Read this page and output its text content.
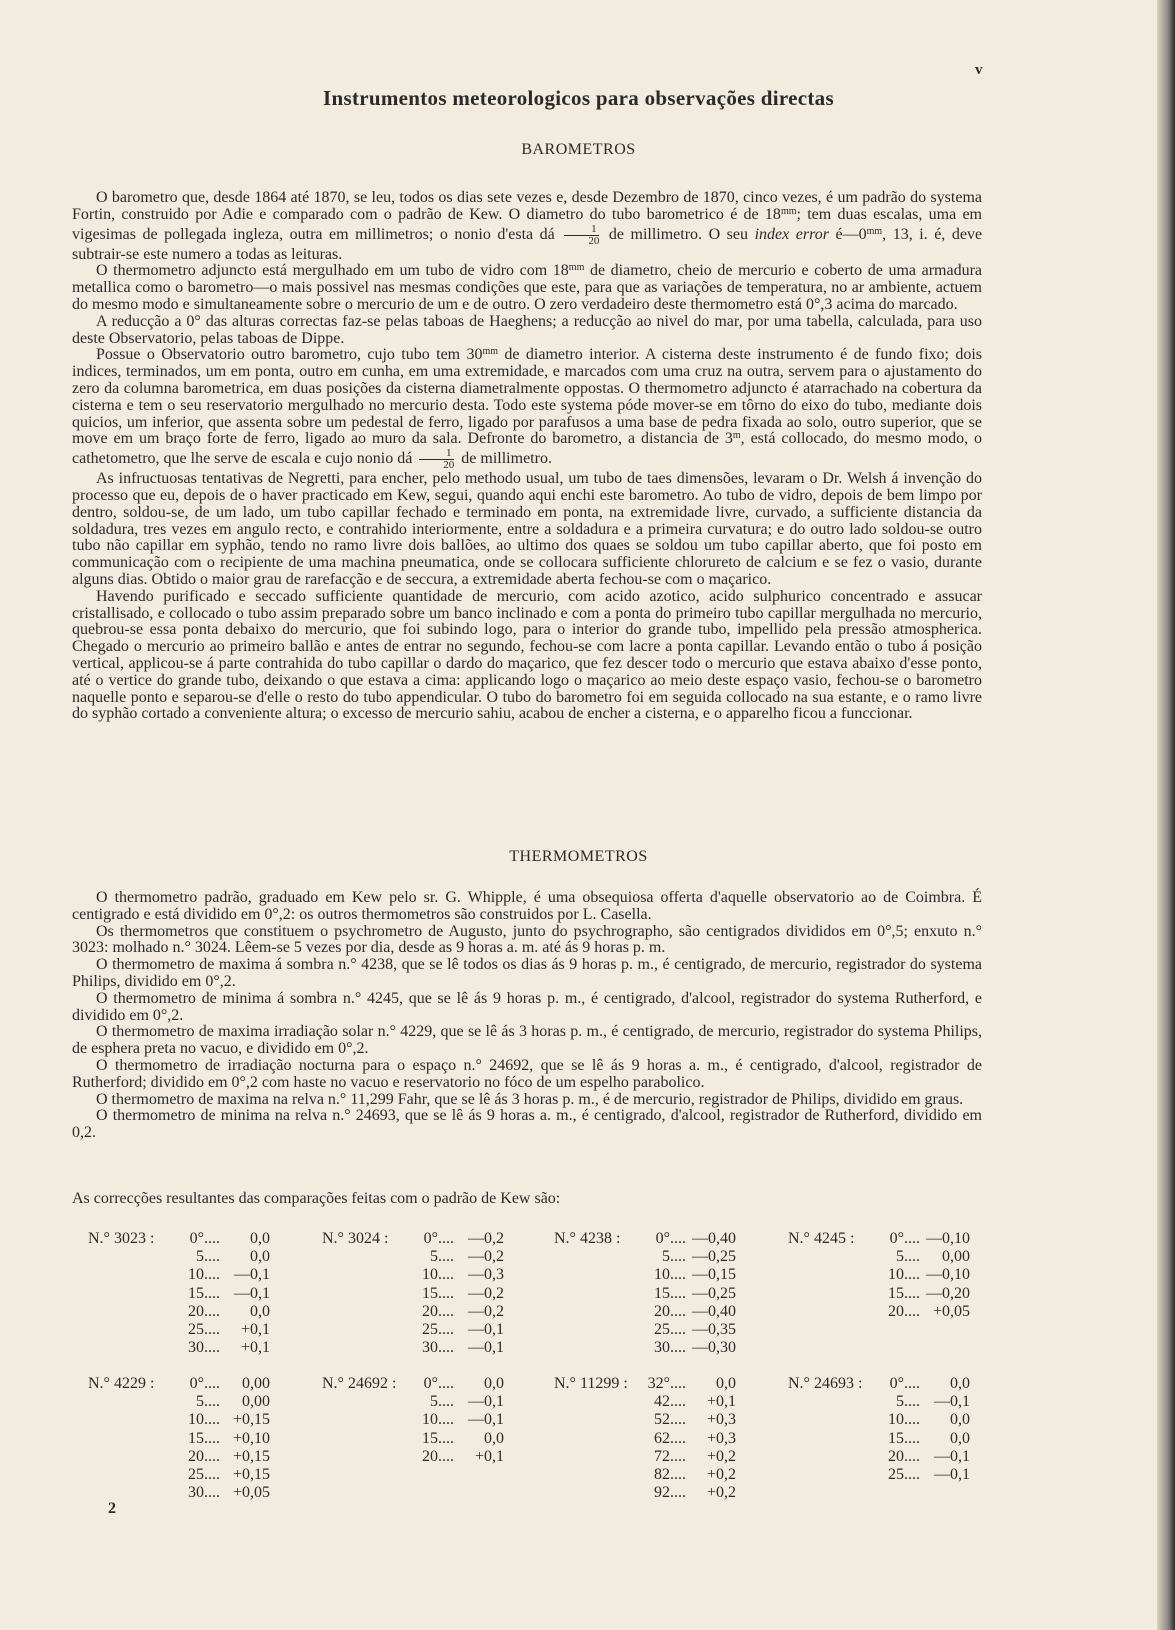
v
Instrumentos meteorologicos para observações directas
BAROMETROS

O barometro que, desde 1864 até 1870, se leu, todos os dias sete vezes e, desde Dezembro de 1870, cinco vezes, é um padrão do systema Fortin, construido por Adie e comparado com o padrão de Kew. O diametro do tubo barometrico é de $18^{mm}$; tem duas escalas, uma em vigesimas de pollegada ingleza, outra em millimetros; o nonio d'esta dá $\frac{1}{20}$ de millimetro. O seu index error $é—0^{mm}$, 13, i. é, deve subtrair-se este numero a todas as leituras.

O thermometro adjuncto está mergulhado em um tubo de vidro com $18^{mm}$ de diametro, cheio de mercurio e coberto de uma armadura metallica como o barometro—o mais possivel nas mesmas condições que este, para que as variações de temperatura, no ar ambiente, actuem do mesmo modo e simultaneamente sobre o mercurio de um e de outro. O zero verdadeiro deste thermometro está 0°,3 acima do marcado.

A reducção a 0° das alturas correctas faz-se pelas taboas de Haeghens; a reducção ao nivel do mar, por uma tabella, calculada, para uso deste Observatorio, pelas taboas de Dippe.

Possue o Observatorio outro barometro, cujo tubo tem $30^{mm}$ de diametro interior. A cisterna deste instrumento é de fundo fixo; dois indices, terminados, um em ponta, outro em cunha, em uma extremidade, e marcados com uma cruz na outra, servem para o ajustamento do zero da columna barometrica, em duas posições da cisterna diametralmente oppostas. O thermometro adjuncto é atarrachado na cobertura da cisterna e tem o seu reservatorio mergulhado no mercurio desta. Todo este systema póde mover-se em tôrno do eixo do tubo, mediante dois quicios, um inferior, que assenta sobre um pedestal de ferro, ligado por parafusos a uma base de pedra fixada ao solo, outro superior, que se move em um braço forte de ferro, ligado ao muro da sala. Defronte do barometro, a distancia de 3$^m$, está collocado, do mesmo modo, o cathetometro, que lhe serve de escala e cujo nonio dá $\frac{1}{20}$ de millimetro.

As infructuosas tentativas de Negretti, para encher, pelo methodo usual, um tubo de taes dimensões, levaram o Dr. Welsh á invenção do processo que eu, depois de o haver practicado em Kew, segui, quando aqui enchi este barometro. Ao tubo de vidro, depois de bem limpo por dentro, soldou-se, de um lado, um tubo capillar fechado e terminado em ponta, na extremidade livre, curvado, a sufficiente distancia da soldadura, tres vezes em angulo recto, e contrahido interiormente, entre a soldadura e a primeira curvatura; e do outro lado soldou-se outro tubo não capillar em syphão, tendo no ramo livre dois ballões, ao ultimo dos quaes se soldou um tubo capillar aberto, que foi posto em communicação com o recipiente de uma machina pneumatica, onde se collocara sufficiente chlorureto de calcium e se fez o vasio, durante alguns dias. Obtido o maior grau de rarefacção e de seccura, a extremidade aberta fechou-se com o maçarico.

Havendo purificado e seccado sufficiente quantidade de mercurio, com acido azotico, acido sulphurico concentrado e assucar cristallisado, e collocado o tubo assim preparado sobre um banco inclinado e com a ponta do primeiro tubo capillar mergulhada no mercurio, quebrou-se essa ponta debaixo do mercurio, que foi subindo logo, para o interior do grande tubo, impellido pela pressão atmospherica. Chegado o mercurio ao primeiro ballão e antes de entrar no segundo, fechou-se com lacre a ponta capillar. Levando então o tubo á posição vertical, applicou-se á parte contrahida do tubo capillar o dardo do maçarico, que fez descer todo o mercurio que estava abaixo d'esse ponto, até o vertice do grande tubo, deixando o que estava a cima: applicando logo o maçarico ao meio deste espaço vasio, fechou-se o barometro naquelle ponto e separou-se d'elle o resto do tubo appendicular. O tubo do barometro foi em seguida collocado na sua estante, e o ramo livre do syphão cortado a conveniente altura; o excesso de mercurio sahiu, acabou de encher a cisterna, e o apparelho ficou a funccionar.

THERMOMETROS

O thermometro padrão, graduado em Kew pelo sr. G. Whipple, é uma obsequiosa offerta d'aquelle observatorio ao de Coimbra. É centigrado e está dividido em 0°,2: os outros thermometros são construidos por L. Casella.

Os thermometros que constituem o psychrometro de Augusto, junto do psychrographo, são centigrados divididos em 0°,5; enxuto n.° 3023: molhado n.° 3024. Lêem-se 5 vezes por dia, desde as 9 horas a. m. até ás 9 horas p. m.

O thermometro de maxima á sombra n.° 4238, que se lê todos os dias ás 9 horas p. m., é centigrado, de mercurio, registrador do systema Philips, dividido em 0°,2.

O thermometro de minima á sombra n.° 4245, que se lê ás 9 horas p. m., é centigrado, d'alcool, registrador do systema Rutherford, e dividido em 0°,2.

O thermometro de maxima irradiação solar n.° 4229, que se lê ás 3 horas p. m., é centigrado, de mercurio, registrador do systema Philips, de esphera preta no vacuo, e dividido em 0°,2.

O thermometro de irradiação nocturna para o espaço n.° 24692, que se lê ás 9 horas a. m., é centigrado, d'alcool, registrador de Rutherford; dividido em 0°,2 com haste no vacuo e reservatorio no fóco de um espelho parabolico.

O thermometro de maxima na relva n.° 11,299 Fahr, que se lê ás 3 horas p. m., é de mercurio, registrador de Philips, dividido em graus.

O thermometro de minima na relva n.° 24693, que se lê ás 9 horas a. m., é centigrado, d'alcool, registrador de Rutherford, dividido em 0,2.

As correcções resultantes das comparações feitas com o padrão de Kew são:
N.° 3023 :	0°.... 0,0
5.... 0,0
10.... —0,1
15.... —0,1
20.... 0,0
25.... +0,1
30.... +0,1
N.° 3024 :	0°.... —0,2
5.... —0,2
10.... —0,3
15.... —0,2
20.... —0,2
25.... —0,1
30.... —0,1
N.° 4238 :	0°.... —0,40
5.... —0,25
10.... —0,15
15.... —0,25
20.... —0,40
25.... —0,35
30.... —0,30
N.° 4245 :	0°.... —0,10
5.... 0,00
10.... —0,10
15.... —0,20
20.... +0,05
N.° 4229 :	0°.... 0,00
5.... 0,00
10.... +0,15
15.... +0,10
20.... +0,15
25.... +0,15
30.... +0,05
N.° 24692 :	0°.... 0,0
5.... —0,1
10.... —0,1
15.... 0,0
20.... +0,1
N.° 11299 :	32°.... 0,0
42.... +0,1
52.... +0,3
62.... +0,3
72.... +0,2
82.... +0,2
92.... +0,2
N.° 24693 :	0°.... 0,0
5.... —0,1
10.... 0,0
15.... 0,0
20.... —0,1
25.... —0,1
2
